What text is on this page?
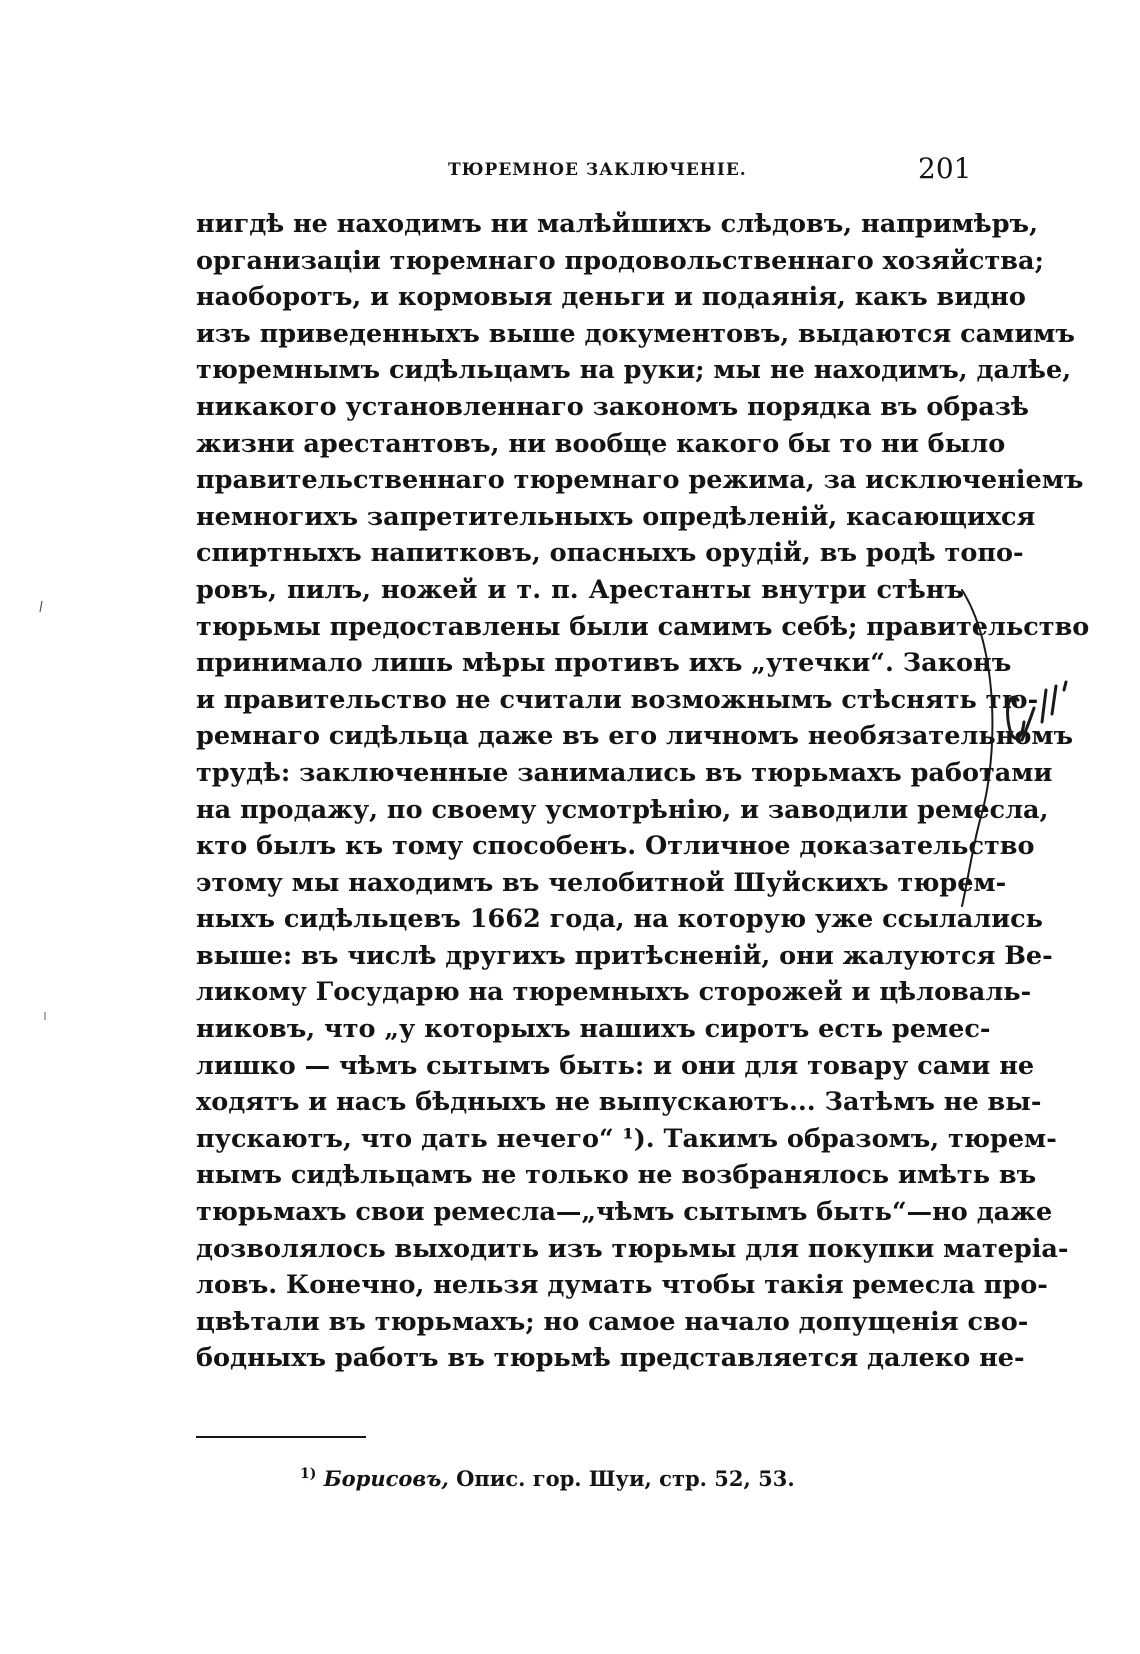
ТЮРЕМНОЕ ЗАКЛЮЧЕНІЕ.	201
нигдѣ не находимъ ни малѣйшихъ слѣдовъ, напримѣръ,
организаціи тюремнаго продовольственнаго хозяйства;
наоборотъ, и кормовыя деньги и подаянія, какъ видно
изъ приведенныхъ выше документовъ, выдаются самимъ
тюремнымъ сидѣльцамъ на руки; мы не находимъ, далѣе,
никакого установленнаго закономъ порядка въ образѣ
жизни арестантовъ, ни вообще какого бы то ни было
правительственнаго тюремнаго режима, за исключеніемъ
немногихъ запретительныхъ опредѣленій, касающихся
спиртныхъ напитковъ, опасныхъ орудій, въ родѣ топо-
ровъ, пилъ, ножей и т. п. Арестанты внутри стѣнъ
тюрьмы предоставлены были самимъ себѣ; правительство
принимало лишь мѣры противъ ихъ „утечки“. Законъ
и правительство не считали возможнымъ стѣснять тю-
ремнаго сидѣльца даже въ его личномъ необязательномъ
трудѣ: заключенные занимались въ тюрьмахъ работами
на продажу, по своему усмотрѣнію, и заводили ремесла,
кто былъ къ тому способенъ. Отличное доказательство
этому мы находимъ въ челобитной Шуйскихъ тюрем-
ныхъ сидѣльцевъ 1662 года, на которую уже ссылались
выше: въ числѣ другихъ притѣсненій, они жалуются Ве-
ликому Государю на тюремныхъ сторожей и цѣловаль-
никовъ, что „у которыхъ нашихъ сиротъ есть ремес-
лишко — чѣмъ сытымъ быть: и они для товару сами не
ходятъ и насъ бѣдныхъ не выпускаютъ... Затѣмъ не вы-
пускаютъ, что дать нечего“ ¹). Такимъ образомъ, тюрем-
нымъ сидѣльцамъ не только не возбранялось имѣть въ
тюрьмахъ свои ремесла—„чѣмъ сытымъ быть“—но даже
дозволялось выходить изъ тюрьмы для покупки матеріа-
ловъ. Конечно, нельзя думать чтобы такія ремесла про-
цвѣтали въ тюрьмахъ; но самое начало допущенія сво-
бодныхъ работъ въ тюрьмѣ представляется далеко не-
$^{1)}$ Борисовъ, Опис. гор. Шуи, стр. 52, 53.
